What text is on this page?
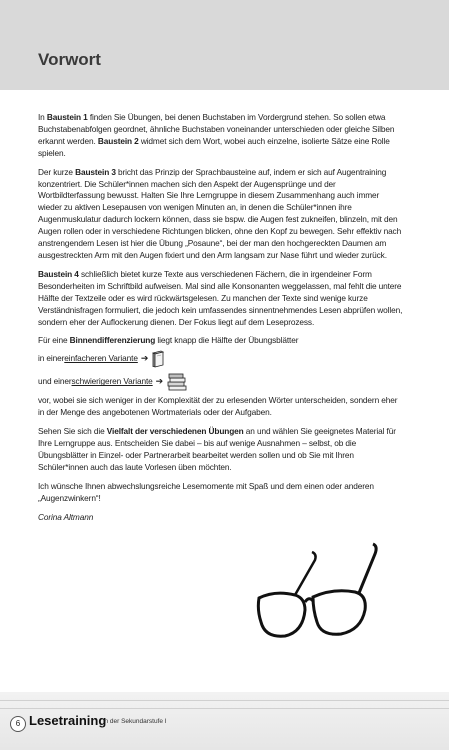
Vorwort

In Baustein 1 finden Sie Übungen, bei denen Buchstaben im Vordergrund stehen. So sollen etwa Buchstabenabfolgen geordnet, ähnliche Buchstaben voneinander unterschieden oder gleiche Silben erkannt werden. Baustein 2 widmet sich dem Wort, wobei auch einzelne, isolierte Sätze eine Rolle spielen.

Der kurze Baustein 3 bricht das Prinzip der Sprachbausteine auf, indem er sich auf Augentraining konzentriert. Die Schüler*innen machen sich den Aspekt der Augensprünge und der Wortbildterfassung bewusst. Halten Sie Ihre Lerngruppe in diesem Zusammenhang auch immer wieder zu aktiven Lesepausen von wenigen Minuten an, in denen die Schüler*innen ihre Augenmuskulatur dadurch lockern können, dass sie bspw. die Augen fest zukneifen, blinzeln, mit den Augen rollen oder in verschiedene Richtungen blicken, ohne den Kopf zu bewegen. Sehr effektiv nach anstrengendem Lesen ist hier die Übung „Posaune“, bei der man den hochgereckten Daumen am ausgestreckten Arm mit den Augen fixiert und den Arm langsam zur Nase führt und wieder zurück.

Baustein 4 schließlich bietet kurze Texte aus verschiedenen Fächern, die in irgendeiner Form Besonderheiten im Schriftbild aufweisen. Mal sind alle Konsonanten weggelassen, mal fehlt die untere Hälfte der Textzeile oder es wird rückwärtsgelesen. Zu manchen der Texte sind wenige kurze Verständnisfragen formuliert, die jedoch kein umfassendes sinnentnehmendes Lesen abprüfen wollen, sondern eher der Auflockerung dienen. Der Fokus liegt auf dem Leseprozess.

Für eine Binnendifferenzierung liegt knapp die Hälfte der Übungsblätter

in einer einfacheren Variante ➔
und einer schwierigeren Variante ➔

vor, wobei sie sich weniger in der Komplexität der zu erlesenden Wörter unterscheiden, sondern eher in der Menge des angebotenen Wortmaterials oder der Aufgaben.

Sehen Sie sich die Vielfalt der verschiedenen Übungen an und wählen Sie geeignetes Material für Ihre Lerngruppe aus. Entscheiden Sie dabei – bis auf wenige Ausnahmen – selbst, ob die Übungsblätter in Einzel- oder Partnerarbeit bearbeitet werden sollen und ob Sie mit Ihren Schüler*innen auch das laute Vorlesen üben möchten.

Ich wünsche Ihnen abwechslungsreiche Lesemomente mit Spaß und dem einen oder anderen „Augenzwinkern“!

Corina Altmann

6 Lesetraining
in der Sekundarstufe I
